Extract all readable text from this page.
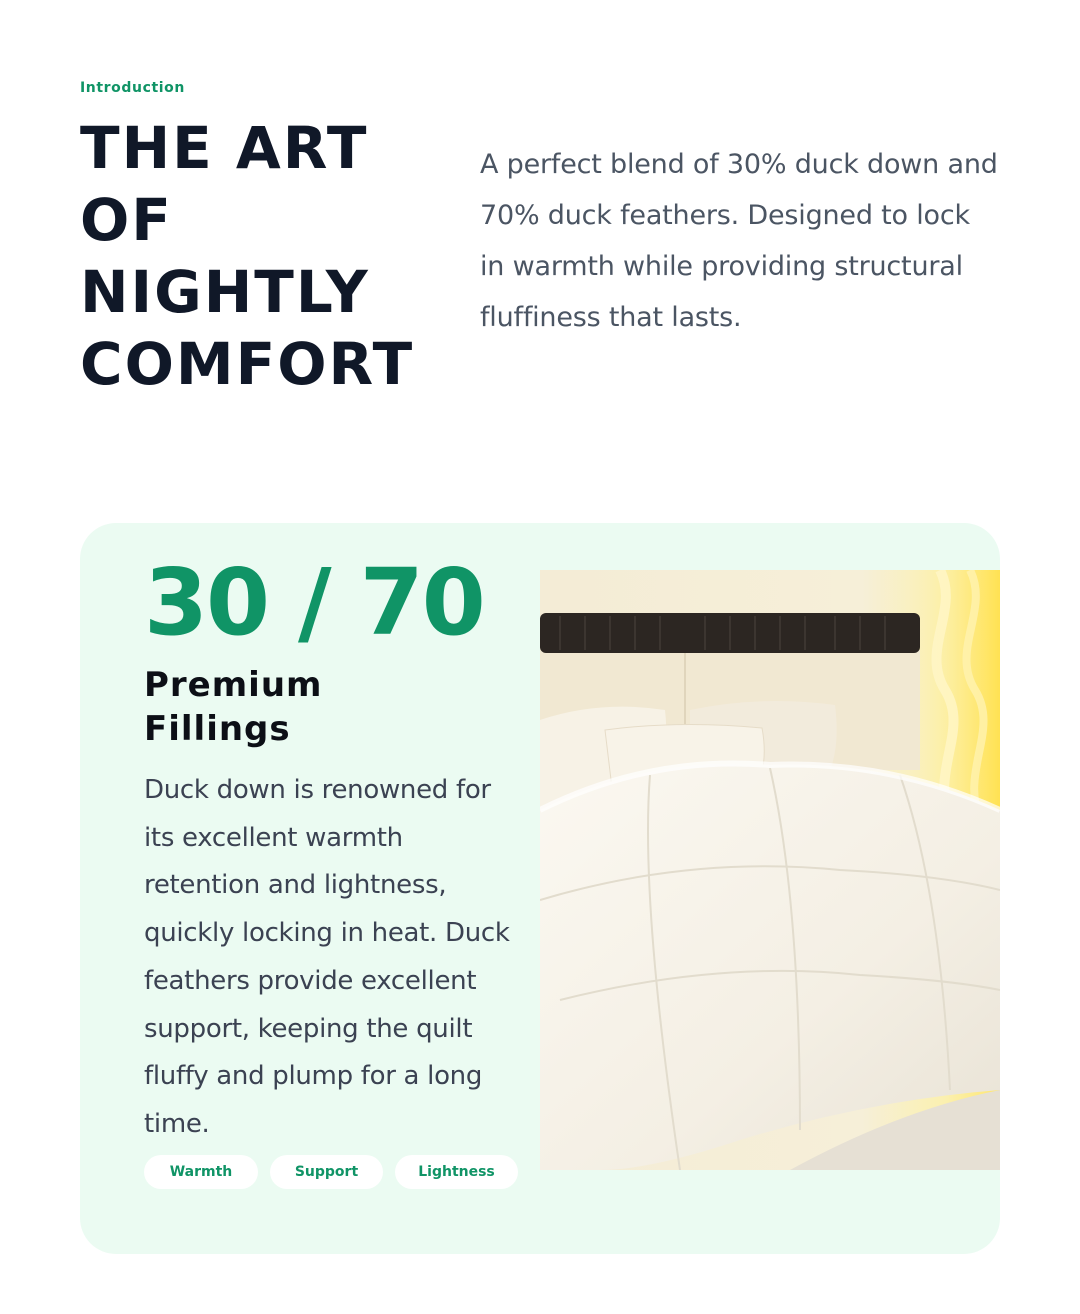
Introduction
THE ART
OF
NIGHTLY
COMFORT

A perfect blend of 30% duck down and 70% duck feathers. Designed to lock in warmth while providing structural fluffiness that lasts.

30 / 70
Premium
Fillings

Duck down is renowned for its excellent warmth retention and lightness, quickly locking in heat. Duck feathers provide excellent support, keeping the quilt fluffy and plump for a long time.

Warmth	Support	Lightness
